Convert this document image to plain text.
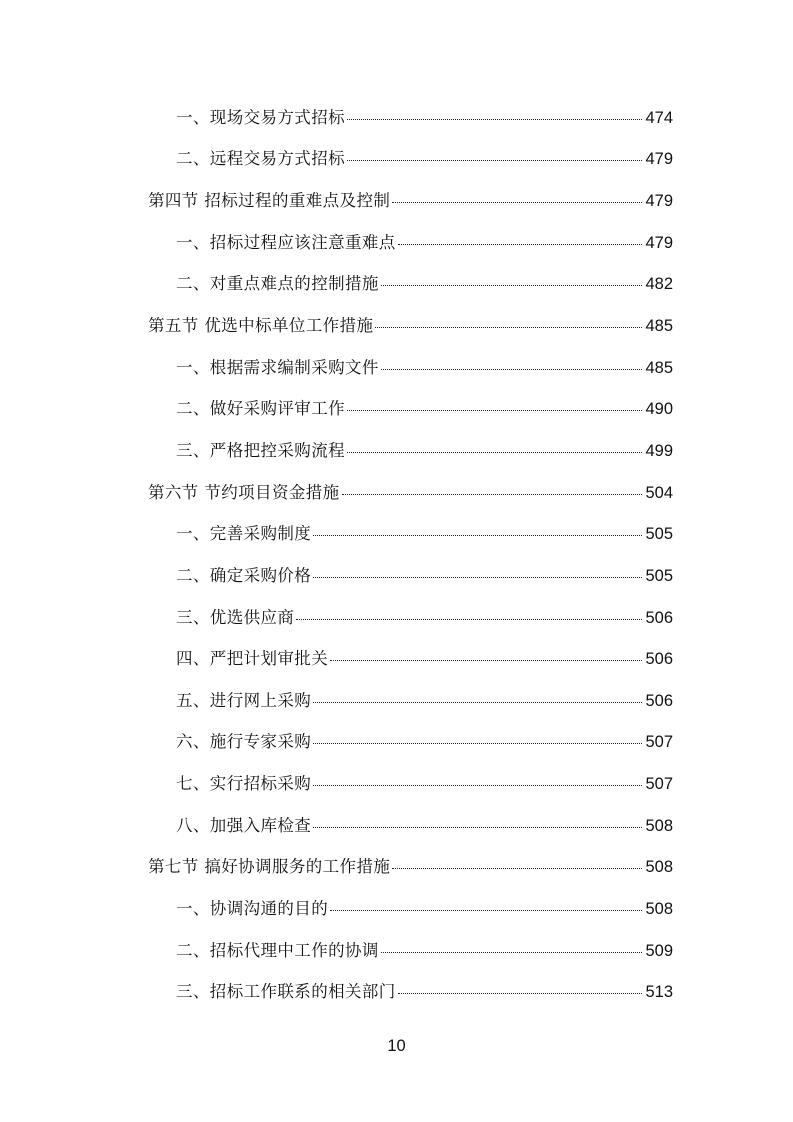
一、现场交易方式招标	474
二、远程交易方式招标	479
第四节 招标过程的重难点及控制	479
一、招标过程应该注意重难点	479
二、对重点难点的控制措施	482
第五节 优选中标单位工作措施	485
一、根据需求编制采购文件	485
二、做好采购评审工作	490
三、严格把控采购流程	499
第六节 节约项目资金措施	504
一、完善采购制度	505
二、确定采购价格	505
三、优选供应商	506
四、严把计划审批关	506
五、进行网上采购	506
六、施行专家采购	507
七、实行招标采购	507
八、加强入库检查	508
第七节 搞好协调服务的工作措施	508
一、协调沟通的目的	508
二、招标代理中工作的协调	509
三、招标工作联系的相关部门	513
10
